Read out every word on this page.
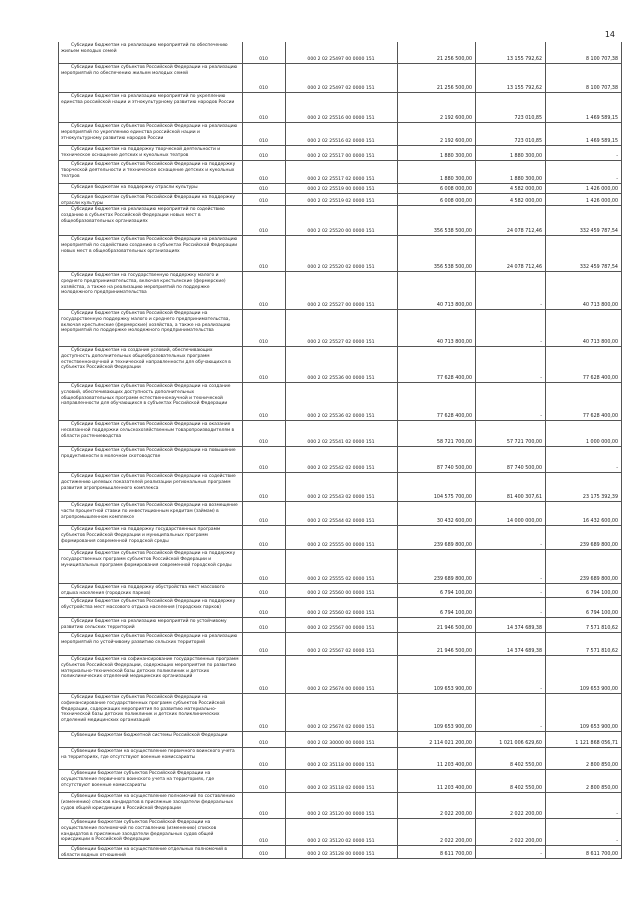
14
Субсидии бюджетам на реализацию мероприятий по обеспечению жильем молодых семей
010	000 2 02 25497 00 0000 151	21 256 500,00	13 155 792,62	8 100 707,38
Субсидии бюджетам субъектов Российской Федерации на реализацию мероприятий по обеспечению жильем молодых семей
010	000 2 02 25497 02 0000 151	21 256 500,00	13 155 792,62	8 100 707,38
Субсидии бюджетам на реализацию мероприятий по укреплению единства российской нации и этнокультурному развитию народов России
010	000 2 02 25516 00 0000 151	2 192 600,00	723 010,85	1 469 589,15
Субсидии бюджетам субъектов Российской Федерации на реализацию мероприятий по укреплению единства российской нации и этнокультурному развитию народов России
010	000 2 02 25516 02 0000 151	2 192 600,00	723 010,85	1 469 589,15
Субсидии бюджетам на поддержку творческой деятельности и техническое оснащение детских и кукольных театров	010	000 2 02 25517 00 0000 151	1 880 300,00	1 880 300,00	-
Субсидии бюджетам субъектов Российской Федерации на поддержку творческой деятельности и техническое оснащение детских и кукольных театров
010	000 2 02 25517 02 0000 151	1 880 300,00	1 880 300,00	-
Субсидия бюджетам на поддержку отрасли культуры	010	000 2 02 25519 00 0000 151	6 008 000,00	4 582 000,00	1 426 000,00
Субсидия бюджетам субъектов Российской Федерации на поддержку отрасли культуры	010	000 2 02 25519 02 0000 151	6 008 000,00	4 582 000,00	1 426 000,00
Субсидии бюджетам на реализацию мероприятий по содействию созданию в субъектах Российской Федерации новых мест в общеобразовательных организациях
010	000 2 02 25520 00 0000 151	356 538 500,00	24 078 712,46	332 459 787,54
Субсидии бюджетам субъектов Российской Федерации на реализацию мероприятий по содействию созданию в субъектах Российской Федерации новых мест в общеобразовательных организациях
010	000 2 02 25520 02 0000 151	356 538 500,00	24 078 712,46	332 459 787,54
Субсидии бюджетам на государственную поддержку малого и среднего предпринимательства, включая крестьянские (фермерские) хозяйства, а также на реализацию мероприятий по поддержке молодежного предпринимательства
010	000 2 02 25527 00 0000 151	40 713 800,00	-	40 713 800,00
Субсидии бюджетам субъектов Российской Федерации на государственную поддержку малого и среднего предпринимательства, включая крестьянские (фермерские) хозяйства, а также на реализацию мероприятий по поддержке молодежного предпринимательства
010	000 2 02 25527 02 0000 151	40 713 800,00	-	40 713 800,00
Субсидии бюджетам на создание условий, обеспечивающих доступность дополнительных общеобразовательных программ естественнонаучной и технической направленности для обучающихся в субъектах Российской Федерации
010	000 2 02 25536 00 0000 151	77 628 400,00	-	77 628 400,00
Субсидии бюджетам субъектов Российской Федерации на создание условий, обеспечивающих доступность дополнительных общеобразовательных программ естественнонаучной и технической направленности для обучающихся в субъектах Российской Федерации
010	000 2 02 25536 02 0000 151	77 628 400,00	-	77 628 400,00
Субсидии бюджетам субъектов Российской Федерации на оказание несвязанной поддержки сельскохозяйственным товаропроизводителям в области растениеводства
010	000 2 02 25541 02 0000 151	58 721 700,00	57 721 700,00	1 000 000,00
Субсидии бюджетам субъектов Российской Федерации на повышение продуктивности в молочном скотоводстве
010	000 2 02 25542 02 0000 151	87 740 500,00	87 740 500,00	-
Субсидии бюджетам субъектов Российской Федерации на содействие достижению целевых показателей реализации региональных программ развития агропромышленного комплекса
010	000 2 02 25543 02 0000 151	104 575 700,00	81 400 307,61	23 175 392,39
Субсидии бюджетам субъектов Российской Федерации на возмещение части процентной ставки по инвестиционным кредитам (займам) в агропромышленном комплексе
010	000 2 02 25544 02 0000 151	30 432 600,00	14 000 000,00	16 432 600,00
Субсидии бюджетам на поддержку государственных программ субъектов Российской Федерации и муниципальных программ формирования современной городской среды
010	000 2 02 25555 00 0000 151	239 689 800,00	-	239 689 800,00
Субсидии бюджетам субъектов Российской Федерации на поддержку государственных программ субъектов Российской Федерации и муниципальных программ формирования современной городской среды
010	000 2 02 25555 02 0000 151	239 689 800,00	-	239 689 800,00
Субсидии бюджетам на поддержку обустройства мест массового отдыха населения (городских парков)	010	000 2 02 25560 00 0000 151	6 794 100,00	-	6 794 100,00
Субсидии бюджетам субъектов Российской Федерации на поддержку обустройства мест массового отдыха населения (городских парков)
010	000 2 02 25560 02 0000 151	6 794 100,00	-	6 794 100,00
Субсидии бюджетам на реализацию мероприятий по устойчивому развитию сельских территорий	010	000 2 02 25567 00 0000 151	21 946 500,00	14 374 689,38	7 571 810,62
Субсидии бюджетам субъектов Российской Федерации на реализацию мероприятий по устойчивому развитию сельских территорий
010	000 2 02 25567 02 0000 151	21 946 500,00	14 374 689,38	7 571 810,62
Субсидии бюджетам на софинансирование государственных программ субъектов Российской Федерации, содержащих мероприятия по развитию материально-технической базы детских поликлиник и детских поликлинических отделений медицинских организаций
010	000 2 02 25674 00 0000 151	109 653 900,00	-	109 653 900,00
Субсидии бюджетам субъектов Российской Федерации на софинансирование государственных программ субъектов Российской Федерации, содержащих мероприятия по развитию материально-технической базы детских поликлиник и детских поликлинических отделений медицинских организаций
010	000 2 02 25674 02 0000 151	109 653 900,00	-	109 653 900,00
Субвенции бюджетам бюджетной системы Российской Федерации
010	000 2 02 30000 00 0000 151	2 114 021 200,00	1 021 006 629,60	1 121 868 056,71
Субвенции бюджетам на осуществление первичного воинского учета на территориях, где отсутствуют военные комиссариаты
010	000 2 02 35118 00 0000 151	11 203 400,00	8 402 550,00	2 800 850,00
Субвенции бюджетам субъектов Российской Федерации на осуществление первичного воинского учета на территориях, где отсутствуют военные комиссариаты
010	000 2 02 35118 02 0000 151	11 203 400,00	8 402 550,00	2 800 850,00
Субвенции бюджетам на осуществление полномочий по составлению (изменению) списков кандидатов в присяжные заседатели федеральных судов общей юрисдикции в Российской Федерации
010	000 2 02 35120 00 0000 151	2 022 200,00	2 022 200,00	-
Субвенции бюджетам субъектов Российской Федерации на осуществление полномочий по составлению (изменению) списков кандидатов в присяжные заседатели федеральных судов общей юрисдикции в Российской Федерации	010	000 2 02 35120 02 0000 151	2 022 200,00	2 022 200,00	-
Субвенции бюджетам на осуществление отдельных полномочий в области водных отношений	010	000 2 02 35128 00 0000 151	8 611 700,00	-	8 611 700,00
